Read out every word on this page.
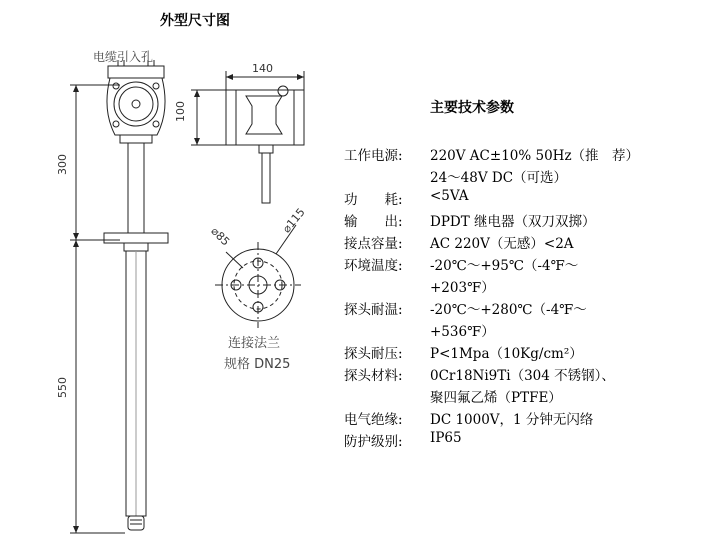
外型尺寸图
主要技术参数
电缆引入孔
140
100
300
550
⌀85
⌀115
连接法兰
规格 DN25
工作电源:	220V AC±10% 50Hz（推　荐）
24～48V DC（可选）
功　　耗:	<5VA
输　　出:	DPDT 继电器（双刀双掷）
接点容量:	AC 220V（无感）<2A
环境温度:	-20℃～+95℃（-4℉～
+203℉）
探头耐温:	-20℃～+280℃（-4℉～
+536℉）
探头耐压:	P<1Mpa（10Kg/cm²）
探头材料:	0Cr18Ni9Ti（304 不锈钢）、
聚四氟乙烯（PTFE）
电气绝缘:	DC 1000V，1 分钟无闪络
防护级别:	IP65
